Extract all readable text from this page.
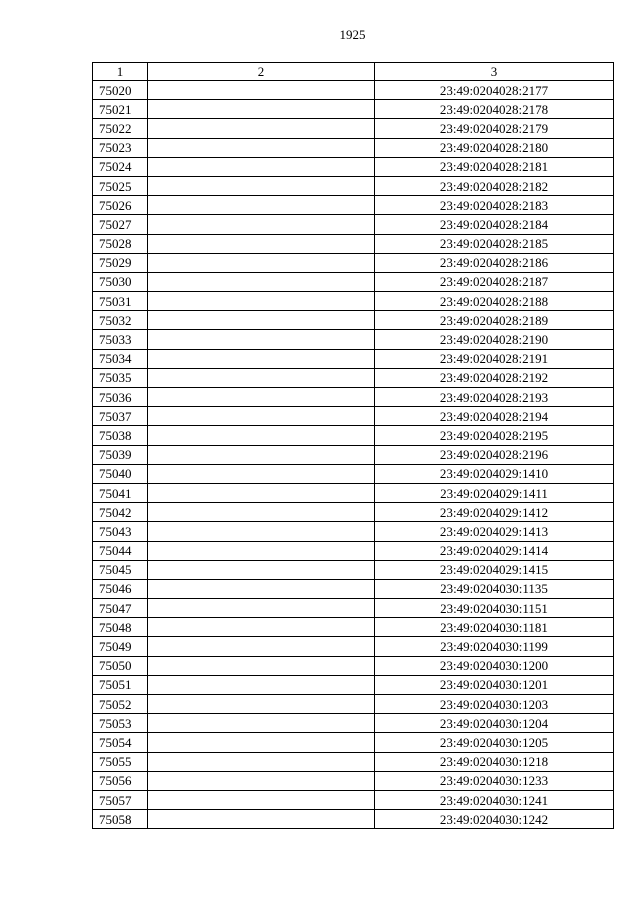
1925
1	2	3
75020		23:49:0204028:2177
75021		23:49:0204028:2178
75022		23:49:0204028:2179
75023		23:49:0204028:2180
75024		23:49:0204028:2181
75025		23:49:0204028:2182
75026		23:49:0204028:2183
75027		23:49:0204028:2184
75028		23:49:0204028:2185
75029		23:49:0204028:2186
75030		23:49:0204028:2187
75031		23:49:0204028:2188
75032		23:49:0204028:2189
75033		23:49:0204028:2190
75034		23:49:0204028:2191
75035		23:49:0204028:2192
75036		23:49:0204028:2193
75037		23:49:0204028:2194
75038		23:49:0204028:2195
75039		23:49:0204028:2196
75040		23:49:0204029:1410
75041		23:49:0204029:1411
75042		23:49:0204029:1412
75043		23:49:0204029:1413
75044		23:49:0204029:1414
75045		23:49:0204029:1415
75046		23:49:0204030:1135
75047		23:49:0204030:1151
75048		23:49:0204030:1181
75049		23:49:0204030:1199
75050		23:49:0204030:1200
75051		23:49:0204030:1201
75052		23:49:0204030:1203
75053		23:49:0204030:1204
75054		23:49:0204030:1205
75055		23:49:0204030:1218
75056		23:49:0204030:1233
75057		23:49:0204030:1241
75058		23:49:0204030:1242
